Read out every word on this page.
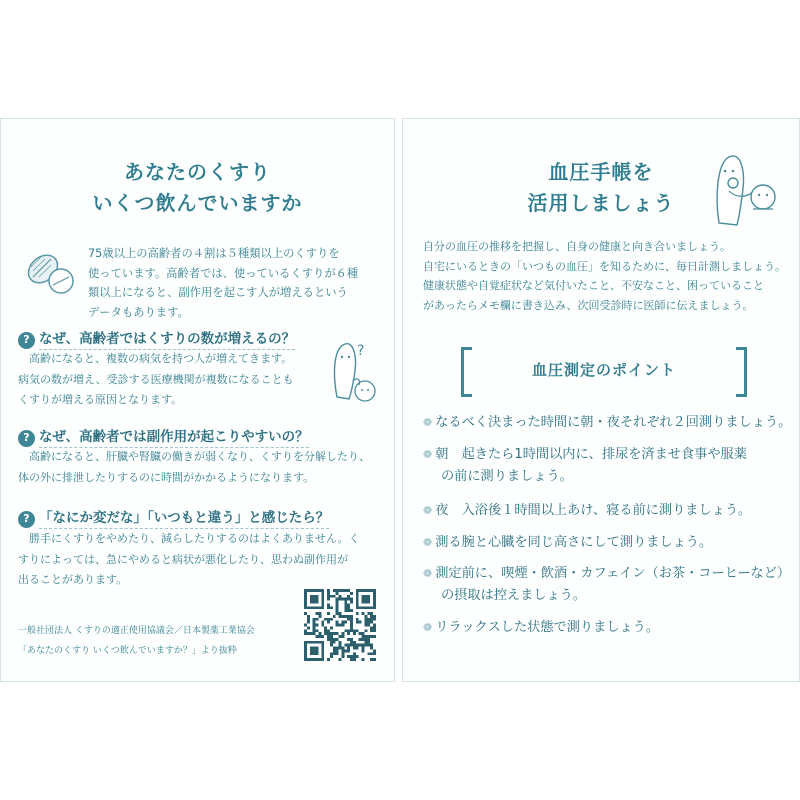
あなたのくすり
いくつ飲んでいますか
75歳以上の高齢者の４割は５種類以上のくすりを
使っています。高齢者では、使っているくすりが６種
類以上になると、副作用を起こす人が増えるという
データもあります。
? なぜ、高齢者ではくすりの数が増えるの？
　高齢になると、複数の病気を持つ人が増えてきます。
病気の数が増え、受診する医療機関が複数になることも
くすりが増える原因となります。
?
? なぜ、高齢者では副作用が起こりやすいの？
　高齢になると、肝臓や腎臓の働きが弱くなり、くすりを分解したり、
体の外に排泄したりするのに時間がかかるようになります。
? 「なにか変だな」「いつもと違う」と感じたら？
　勝手にくすりをやめたり、減らしたりするのはよくありません。く
すりによっては、急にやめると病状が悪化したり、思わぬ副作用が
出ることがあります。
一般社団法人 くすりの適正使用協議会／日本製薬工業協会
「あなたのくすり いくつ飲んでいますか？」より抜粋
血圧手帳を
活用しましょう
自分の血圧の推移を把握し、自身の健康と向き合いましょう。
自宅にいるときの「いつもの血圧」を知るために、毎日計測しましょう。
健康状態や自覚症状など気付いたこと、不安なこと、困っていること
があったらメモ欄に書き込み、次回受診時に医師に伝えましょう。
血圧測定のポイント
❁ なるべく決まった時間に朝・夜それぞれ２回測りましょう。
❁ 朝　起きたら1時間以内に、排尿を済ませ食事や服薬
の前に測りましょう。
❁ 夜　入浴後１時間以上あけ、寝る前に測りましょう。
❁ 測る腕と心臓を同じ高さにして測りましょう。
❁ 測定前に、喫煙・飲酒・カフェイン（お茶・コーヒーなど）
の摂取は控えましょう。
❁ リラックスした状態で測りましょう。
